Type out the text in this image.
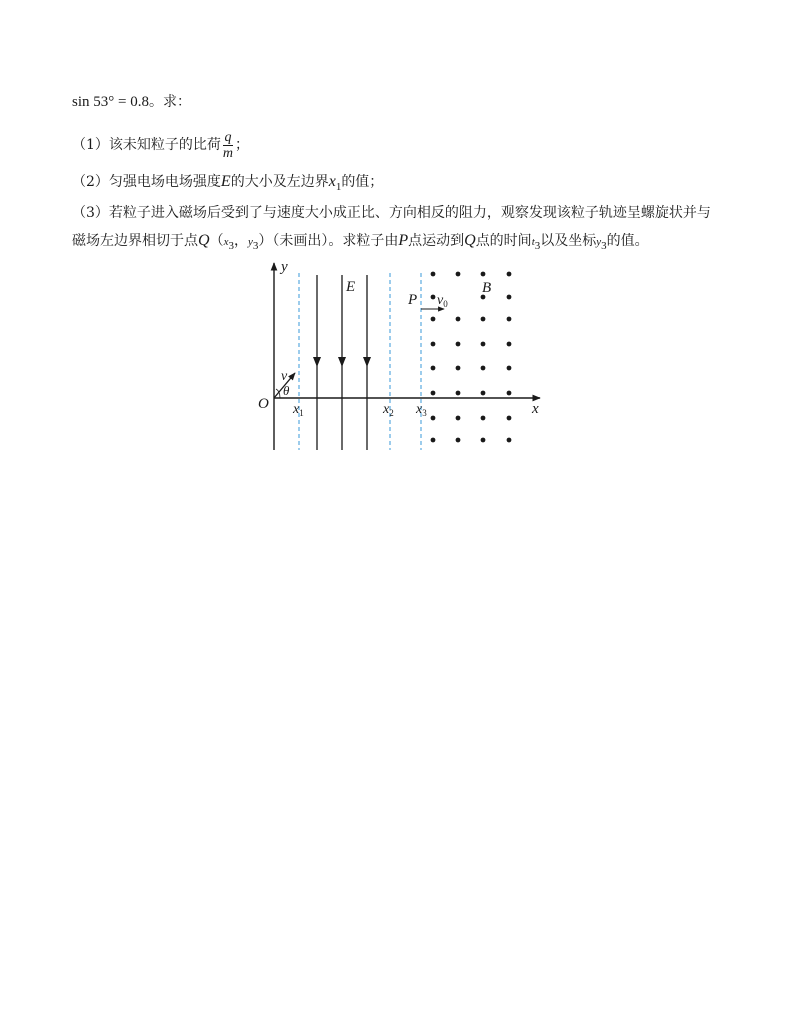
sin 53° = 0.8。求：
（1）该未知粒子的比荷 $\frac{q}{m}$ ；
（2）匀强电场电场强度E的大小及左边界$x_1$的值；
（3）若粒子进入磁场后受到了与速度大小成正比、方向相反的阻力，观察发现该粒子轨迹呈螺旋状并与
磁场左边界相切于点$Q(x_3$，$y_3$）（未画出）。求粒子由P点运动到Q点的时间$t_3$以及坐标$y_3$的值。
y
x
O $x_1$	$x_2$ $x_3$
E	B
P $v_0$
v
θ
